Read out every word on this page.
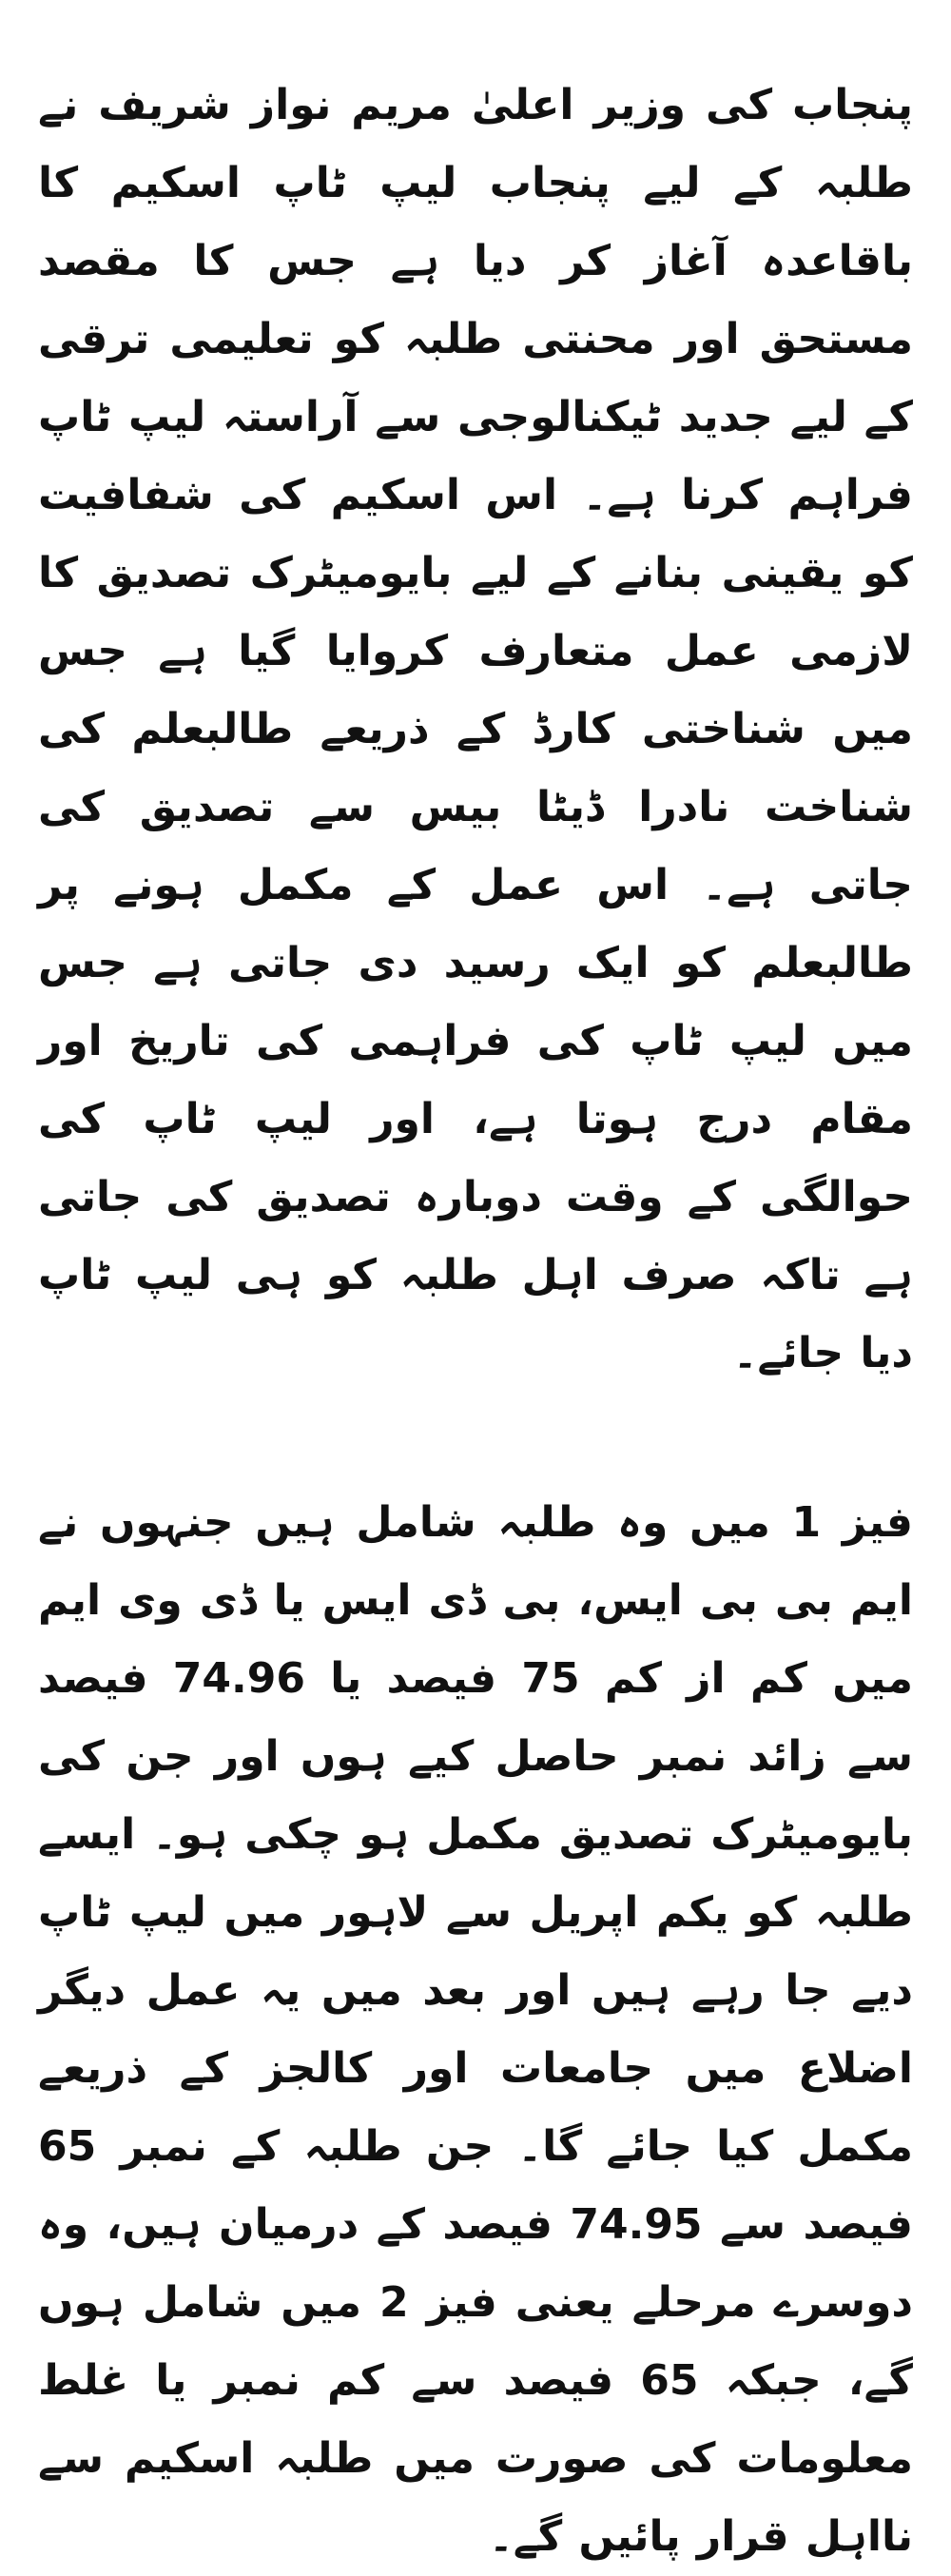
پنجاب کی وزیر اعلیٰ مریم نواز شریف نے طلبہ کے لیے پنجاب لیپ ٹاپ اسکیم کا باقاعدہ آغاز کر دیا ہے جس کا مقصد مستحق اور محنتی طلبہ کو تعلیمی ترقی کے لیے جدید ٹیکنالوجی سے آراستہ لیپ ٹاپ فراہم کرنا ہے۔ اس اسکیم کی شفافیت کو یقینی بنانے کے لیے بایومیٹرک تصدیق کا لازمی عمل متعارف کروایا گیا ہے جس میں شناختی کارڈ کے ذریعے طالبعلم کی شناخت نادرا ڈیٹا بیس سے تصدیق کی جاتی ہے۔ اس عمل کے مکمل ہونے پر طالبعلم کو ایک رسید دی جاتی ہے جس میں لیپ ٹاپ کی فراہمی کی تاریخ اور مقام درج ہوتا ہے، اور لیپ ٹاپ کی حوالگی کے وقت دوبارہ تصدیق کی جاتی ہے تاکہ صرف اہل طلبہ کو ہی لیپ ٹاپ دیا جائے۔

فیز 1 میں وہ طلبہ شامل ہیں جنہوں نے ایم بی بی ایس، بی ڈی ایس یا ڈی وی ایم میں کم از کم 75 فیصد یا 74.96 فیصد سے زائد نمبر حاصل کیے ہوں اور جن کی بایومیٹرک تصدیق مکمل ہو چکی ہو۔ ایسے طلبہ کو یکم اپریل سے لاہور میں لیپ ٹاپ دیے جا رہے ہیں اور بعد میں یہ عمل دیگر اضلاع میں جامعات اور کالجز کے ذریعے مکمل کیا جائے گا۔ جن طلبہ کے نمبر 65 فیصد سے 74.95 فیصد کے درمیان ہیں، وہ دوسرے مرحلے یعنی فیز 2 میں شامل ہوں گے، جبکہ 65 فیصد سے کم نمبر یا غلط معلومات کی صورت میں طلبہ اسکیم سے نااہل قرار پائیں گے۔
